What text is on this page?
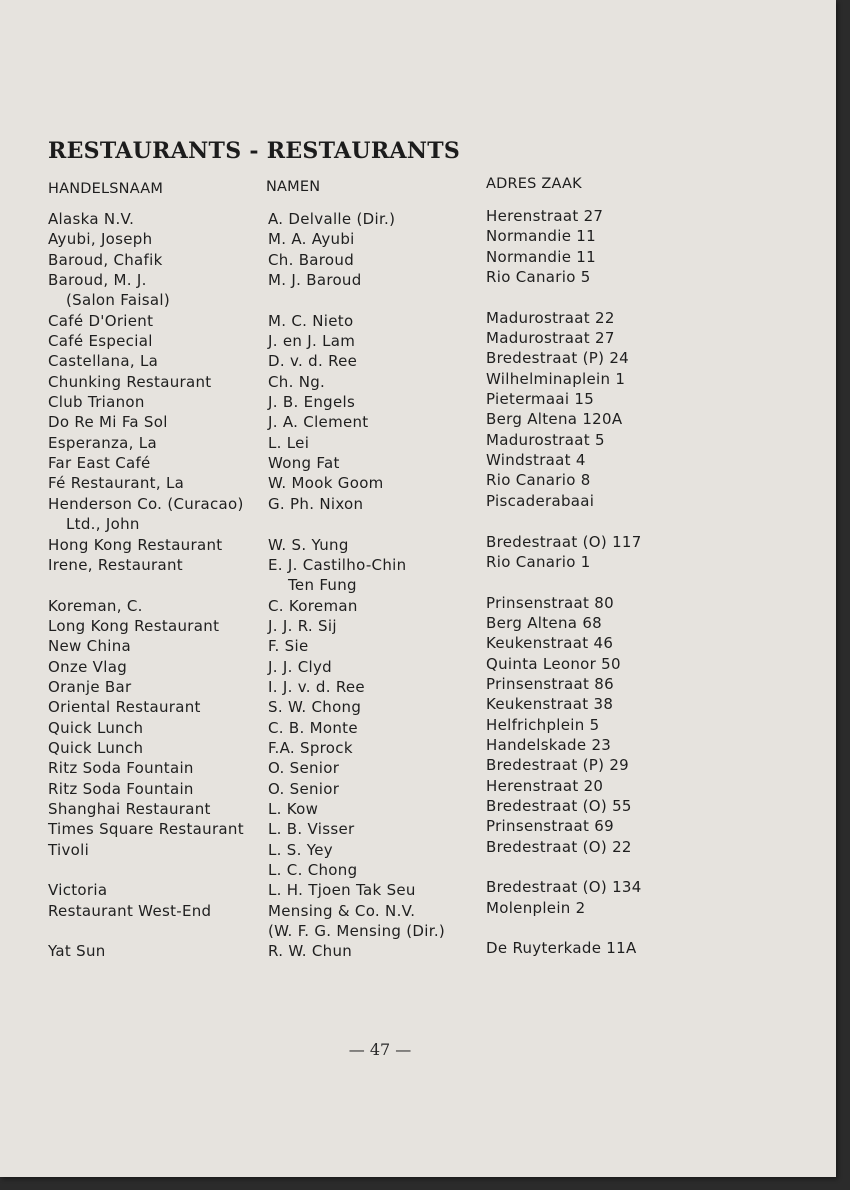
RESTAURANTS - RESTAURANTS
HANDELSNAAM	NAMEN	ADRES ZAAK
Alaska N.V.
Ayubi, Joseph
Baroud, Chafik
Baroud, M. J.
(Salon Faisal)
Café D'Orient
Café Especial
Castellana, La
Chunking Restaurant
Club Trianon
Do Re Mi Fa Sol
Esperanza, La
Far East Café
Fé Restaurant, La
Henderson Co. (Curacao)
Ltd., John
Hong Kong Restaurant
Irene, Restaurant
Koreman, C.
Long Kong Restaurant
New China
Onze Vlag
Oranje Bar
Oriental Restaurant
Quick Lunch
Quick Lunch
Ritz Soda Fountain
Ritz Soda Fountain
Shanghai Restaurant
Times Square Restaurant
Tivoli
Victoria
Restaurant West-End
Yat Sun
A. Delvalle (Dir.)
M. A. Ayubi
Ch. Baroud
M. J. Baroud
M. C. Nieto
J. en J. Lam
D. v. d. Ree
Ch. Ng.
J. B. Engels
J. A. Clement
L. Lei
Wong Fat
W. Mook Goom
G. Ph. Nixon
W. S. Yung
E. J. Castilho-Chin
Ten Fung
C. Koreman
J. J. R. Sij
F. Sie
J. J. Clyd
I. J. v. d. Ree
S. W. Chong
C. B. Monte
F.A. Sprock
O. Senior
O. Senior
L. Kow
L. B. Visser
L. S. Yey
L. C. Chong
L. H. Tjoen Tak Seu
Mensing & Co. N.V.
(W. F. G. Mensing (Dir.)
R. W. Chun
Herenstraat 27
Normandie 11
Normandie 11
Rio Canario 5
Madurostraat 22
Madurostraat 27
Bredestraat (P) 24
Wilhelminaplein 1
Pietermaai 15
Berg Altena 120A
Madurostraat 5
Windstraat 4
Rio Canario 8
Piscaderabaai
Bredestraat (O) 117
Rio Canario 1
Prinsenstraat 80
Berg Altena 68
Keukenstraat 46
Quinta Leonor 50
Prinsenstraat 86
Keukenstraat 38
Helfrichplein 5
Handelskade 23
Bredestraat (P) 29
Herenstraat 20
Bredestraat (O) 55
Prinsenstraat 69
Bredestraat (O) 22
Bredestraat (O) 134
Molenplein 2
De Ruyterkade 11A
— 47 —
